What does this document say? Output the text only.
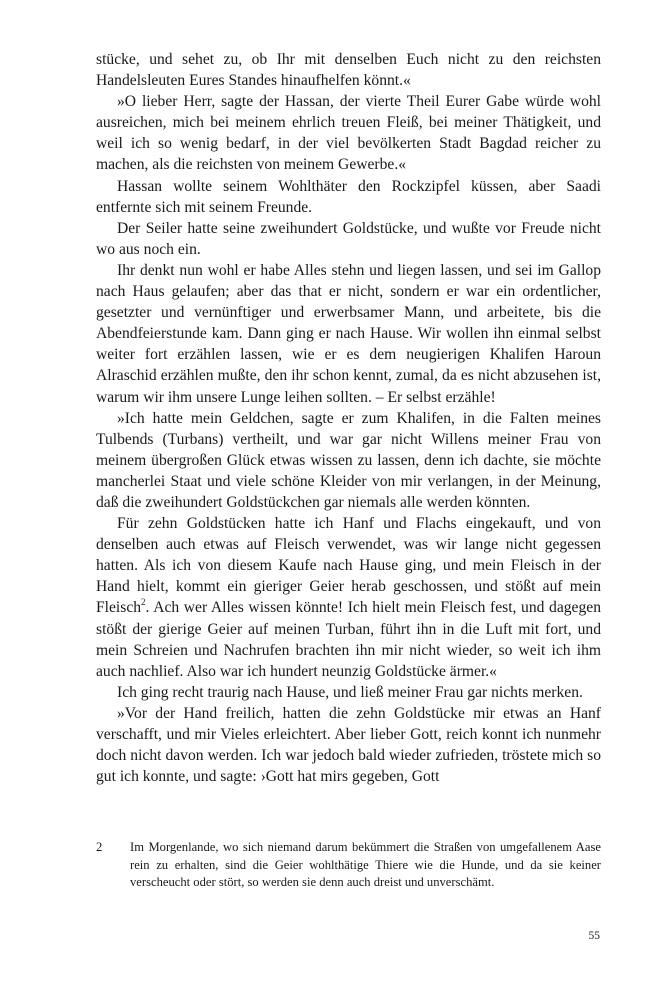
stücke, und sehet zu, ob Ihr mit denselben Euch nicht zu den reichsten Handelsleuten Eures Standes hinaufhelfen könnt.«

»O lieber Herr, sagte der Hassan, der vierte Theil Eurer Gabe würde wohl ausreichen, mich bei meinem ehrlich treuen Fleiß, bei meiner Thätigkeit, und weil ich so wenig bedarf, in der viel bevölkerten Stadt Bagdad reicher zu machen, als die reichsten von meinem Gewerbe.«

Hassan wollte seinem Wohlthäter den Rockzipfel küssen, aber Saadi entfernte sich mit seinem Freunde.

Der Seiler hatte seine zweihundert Goldstücke, und wußte vor Freude nicht wo aus noch ein.

Ihr denkt nun wohl er habe Alles stehn und liegen lassen, und sei im Gallop nach Haus gelaufen; aber das that er nicht, sondern er war ein ordentlicher, gesetzter und vernünftiger und erwerbsamer Mann, und arbeitete, bis die Abendfeierstunde kam. Dann ging er nach Hause. Wir wollen ihn einmal selbst weiter fort erzählen lassen, wie er es dem neugierigen Khalifen Haroun Alraschid erzählen mußte, den ihr schon kennt, zumal, da es nicht abzusehen ist, warum wir ihm unsere Lunge leihen sollten. – Er selbst erzähle!

»Ich hatte mein Geldchen, sagte er zum Khalifen, in die Falten meines Tulbends (Turbans) vertheilt, und war gar nicht Willens meiner Frau von meinem übergroßen Glück etwas wissen zu lassen, denn ich dachte, sie möchte mancherlei Staat und viele schöne Kleider von mir verlangen, in der Meinung, daß die zweihundert Goldstückchen gar niemals alle werden könnten.

Für zehn Goldstücken hatte ich Hanf und Flachs eingekauft, und von denselben auch etwas auf Fleisch verwendet, was wir lange nicht gegessen hatten. Als ich von diesem Kaufe nach Hause ging, und mein Fleisch in der Hand hielt, kommt ein gieriger Geier herab geschossen, und stößt auf mein Fleisch$^2$. Ach wer Alles wissen könnte! Ich hielt mein Fleisch fest, und dagegen stößt der gierige Geier auf meinen Turban, führt ihn in die Luft mit fort, und mein Schreien und Nachrufen brachten ihn mir nicht wieder, so weit ich ihm auch nachlief. Also war ich hundert neunzig Goldstücke ärmer.«

Ich ging recht traurig nach Hause, und ließ meiner Frau gar nichts merken.

»Vor der Hand freilich, hatten die zehn Goldstücke mir etwas an Hanf verschafft, und mir Vieles erleichtert. Aber lieber Gott, reich konnt ich nunmehr doch nicht davon werden. Ich war jedoch bald wieder zufrieden, tröstete mich so gut ich konnte, und sagte: ›Gott hat mirs gegeben, Gott

2 Im Morgenlande, wo sich niemand darum bekümmert die Straßen von umgefallenem Aase rein zu erhalten, sind die Geier wohlthätige Thiere wie die Hunde, und da sie keiner verscheucht oder stört, so werden sie denn auch dreist und unverschämt.
55
